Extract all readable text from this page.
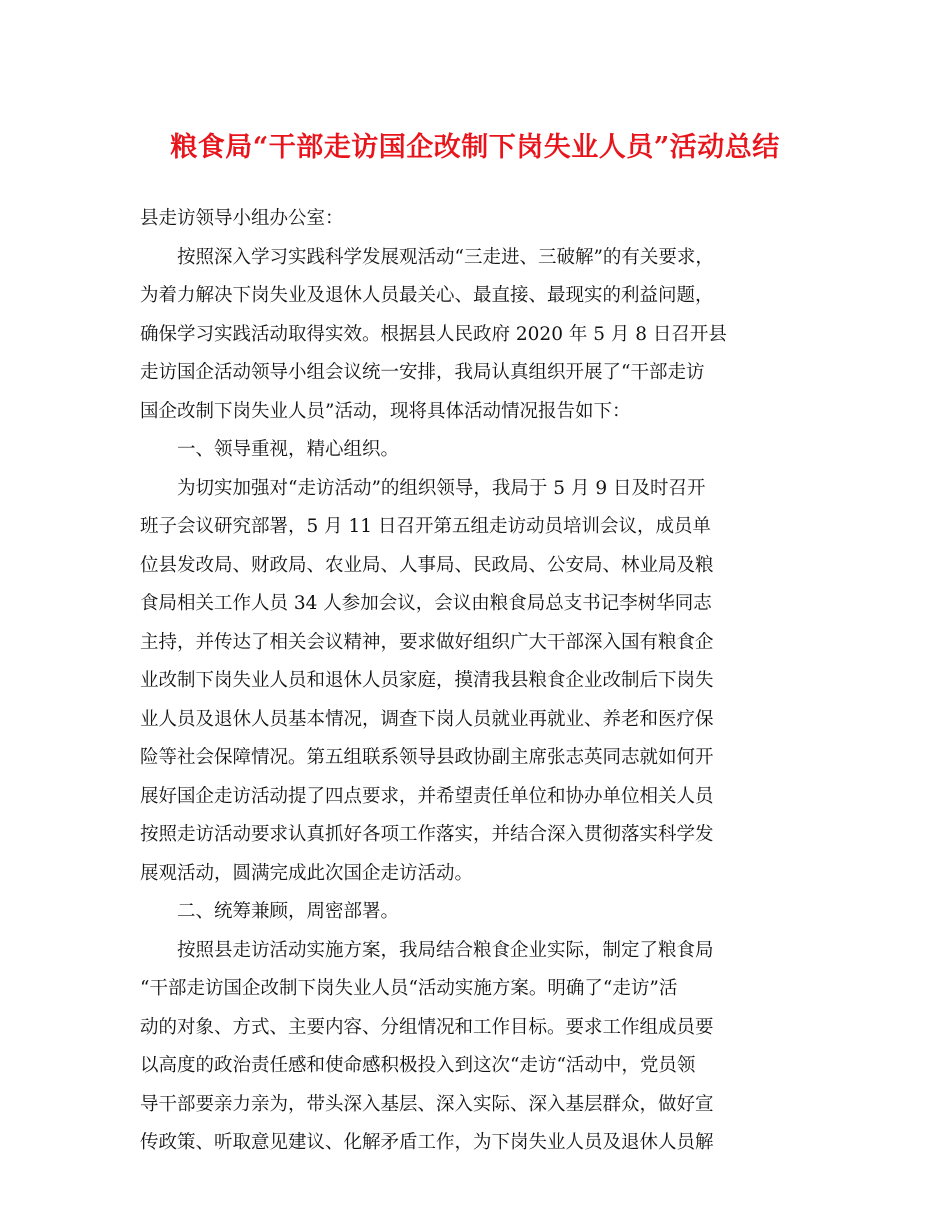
粮食局“干部走访国企改制下岗失业人员”活动总结
县走访领导小组办公室：
按照深入学习实践科学发展观活动“三走进、三破解”的有关要求，
为着力解决下岗失业及退休人员最关心、最直接、最现实的利益问题，
确保学习实践活动取得实效。根据县人民政府 2020 年 5 月 8 日召开县
走访国企活动领导小组会议统一安排，我局认真组织开展了“干部走访
国企改制下岗失业人员”活动，现将具体活动情况报告如下：
一、领导重视，精心组织。
为切实加强对“走访活动”的组织领导，我局于 5 月 9 日及时召开
班子会议研究部署，5 月 11 日召开第五组走访动员培训会议，成员单
位县发改局、财政局、农业局、人事局、民政局、公安局、林业局及粮
食局相关工作人员 34 人参加会议，会议由粮食局总支书记李树华同志
主持，并传达了相关会议精神，要求做好组织广大干部深入国有粮食企
业改制下岗失业人员和退休人员家庭，摸清我县粮食企业改制后下岗失
业人员及退休人员基本情况，调查下岗人员就业再就业、养老和医疗保
险等社会保障情况。第五组联系领导县政协副主席张志英同志就如何开
展好国企走访活动提了四点要求，并希望责任单位和协办单位相关人员
按照走访活动要求认真抓好各项工作落实，并结合深入贯彻落实科学发
展观活动，圆满完成此次国企走访活动。
二、统筹兼顾，周密部署。
按照县走访活动实施方案，我局结合粮食企业实际，制定了粮食局
“干部走访国企改制下岗失业人员“活动实施方案。明确了“走访”活
动的对象、方式、主要内容、分组情况和工作目标。要求工作组成员要
以高度的政治责任感和使命感积极投入到这次“走访“活动中，党员领
导干部要亲力亲为，带头深入基层、深入实际、深入基层群众，做好宣
传政策、听取意见建议、化解矛盾工作，为下岗失业人员及退休人员解
